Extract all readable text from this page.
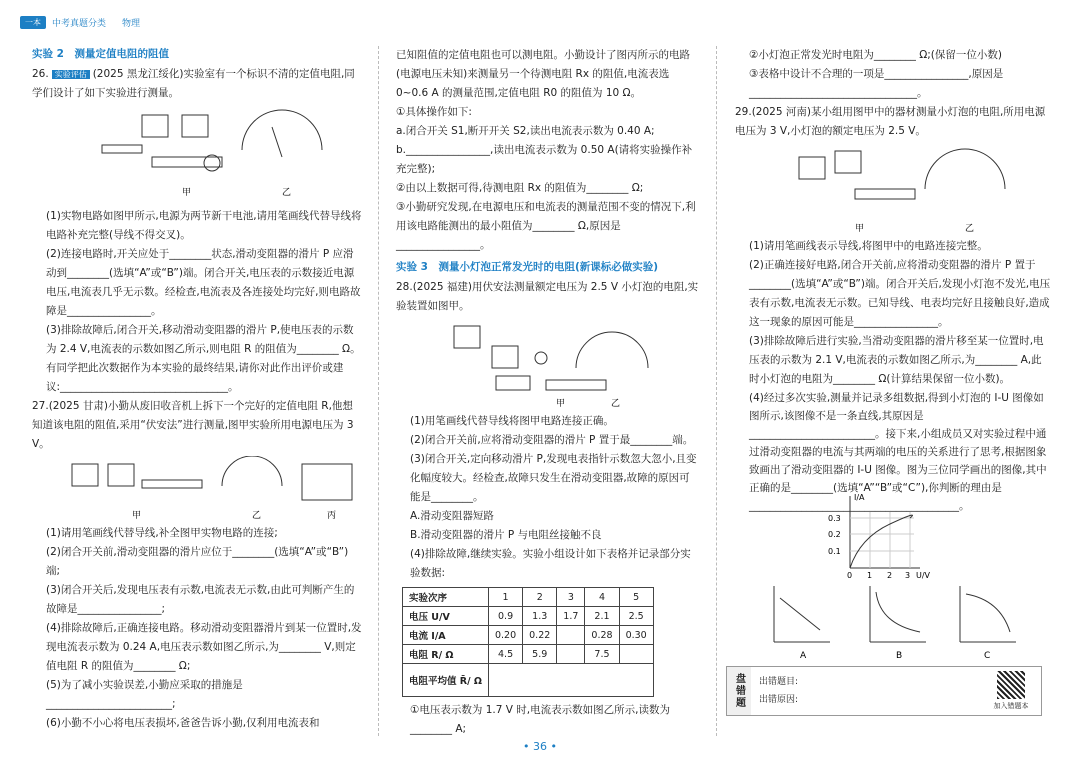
一本	中考真题分类 物理
实验 2　测量定值电阻的阻值

26. 实验评估 (2025 黑龙江绥化)实验室有一个标识不清的定值电阻,同学们设计了如下实验进行测量。

甲	乙

(1)实物电路如图甲所示,电源为两节新干电池,请用笔画线代替导线将电路补充完整(导线不得交叉)。

(2)连接电路时,开关应处于________状态,滑动变阻器的滑片 P 应滑动到________(选填“A”或“B”)端。闭合开关,电压表的示数接近电源电压,电流表几乎无示数。经检查,电流表及各连接处均完好,则电路故障是________________。

(3)排除故障后,闭合开关,移动滑动变阻器的滑片 P,使电压表的示数为 2.4 V,电流表的示数如图乙所示,则电阻 R 的阻值为________ Ω。有同学把此次数据作为本实验的最终结果,请你对此作出评价或建议:________________________________。

27.(2025 甘肃)小勤从废旧收音机上拆下一个完好的定值电阻 R,他想知道该电阻的阻值,采用“伏安法”进行测量,图甲实验所用电源电压为 3 V。

甲	乙	丙

(1)请用笔画线代替导线,补全图甲实物电路的连接;

(2)闭合开关前,滑动变阻器的滑片应位于________(选填“A”或“B”)端;

(3)闭合开关后,发现电压表有示数,电流表无示数,由此可判断产生的故障是________________;

(4)排除故障后,正确连接电路。移动滑动变阻器滑片到某一位置时,发现电流表示数为 0.24 A,电压表示数如图乙所示,为________ V,则定值电阻 R 的阻值为________ Ω;

(5)为了减小实验误差,小勤应采取的措施是________________________;

(6)小勤不小心将电压表损坏,爸爸告诉小勤,仅利用电流表和

已知阻值的定值电阻也可以测电阻。小勤设计了图丙所示的电路(电源电压未知)来测量另一个待测电阻 Rx 的阻值,电流表选 0~0.6 A 的测量范围,定值电阻 R0 的阻值为 10 Ω。

①具体操作如下:

a.闭合开关 S1,断开开关 S2,读出电流表示数为 0.40 A;

b.________________,读出电流表示数为 0.50 A(请将实验操作补充完整);

②由以上数据可得,待测电阻 Rx 的阻值为________ Ω;

③小勤研究发现,在电源电压和电流表的测量范围不变的情况下,利用该电路能测出的最小阻值为________ Ω,原因是________________。

实验 3　测量小灯泡正常发光时的电阻(新课标必做实验)

28.(2025 福建)用伏安法测量额定电压为 2.5 V 小灯泡的电阻,实验装置如图甲。

甲	乙

(1)用笔画线代替导线将图甲电路连接正确。

(2)闭合开关前,应将滑动变阻器的滑片 P 置于最________端。

(3)闭合开关,定向移动滑片 P,发现电表指针示数忽大忽小,且变化幅度较大。经检查,故障只发生在滑动变阻器,故障的原因可能是________。

A.滑动变阻器短路

B.滑动变阻器的滑片 P 与电阻丝接触不良

(4)排除故障,继续实验。实验小组设计如下表格并记录部分实验数据:

实验次序	1	2	3	4	5
电压 U/V	0.9	1.3	1.7	2.1	2.5
电流 I/A	0.20	0.22		0.28	0.30
电阻 R/ Ω	4.5	5.9		7.5	
电阻平均值 R̄/ Ω					

①电压表示数为 1.7 V 时,电流表示数如图乙所示,读数为________ A;

②小灯泡正常发光时电阻为________ Ω;(保留一位小数)

③表格中设计不合理的一项是________________,原因是________________________________。

29.(2025 河南)某小组用图甲中的器材测量小灯泡的电阻,所用电源电压为 3 V,小灯泡的额定电压为 2.5 V。

甲	乙

(1)请用笔画线表示导线,将图甲中的电路连接完整。

(2)正确连接好电路,闭合开关前,应将滑动变阻器的滑片 P 置于________(选填“A”或“B”)端。闭合开关后,发现小灯泡不发光,电压表有示数,电流表无示数。已知导线、电表均完好且接触良好,造成这一现象的原因可能是________________。

(3)排除故障后进行实验,当滑动变阻器的滑片移至某一位置时,电压表的示数为 2.1 V,电流表的示数如图乙所示,为________ A,此时小灯泡的电阻为________ Ω(计算结果保留一位小数)。

(4)经过多次实验,测量并记录多组数据,得到小灯泡的 I-U 图像如图所示,该图像不是一条直线,其原因是________________________。接下来,小组成员又对实验过程中通过滑动变阻器的电流与其两端的电压的关系进行了思考,根据图象致画出了滑动变阻器的 I-U 图像。图为三位同学画出的图像,其中正确的是________(选填“A”“B”或“C”),你判断的理由是________________________________________。

I/A
U/V
0.3
0.2
0.1
0 1 2 3
A	B	C
盘错题	出错题目:
出错原因:
加入错题本
• 36 •
